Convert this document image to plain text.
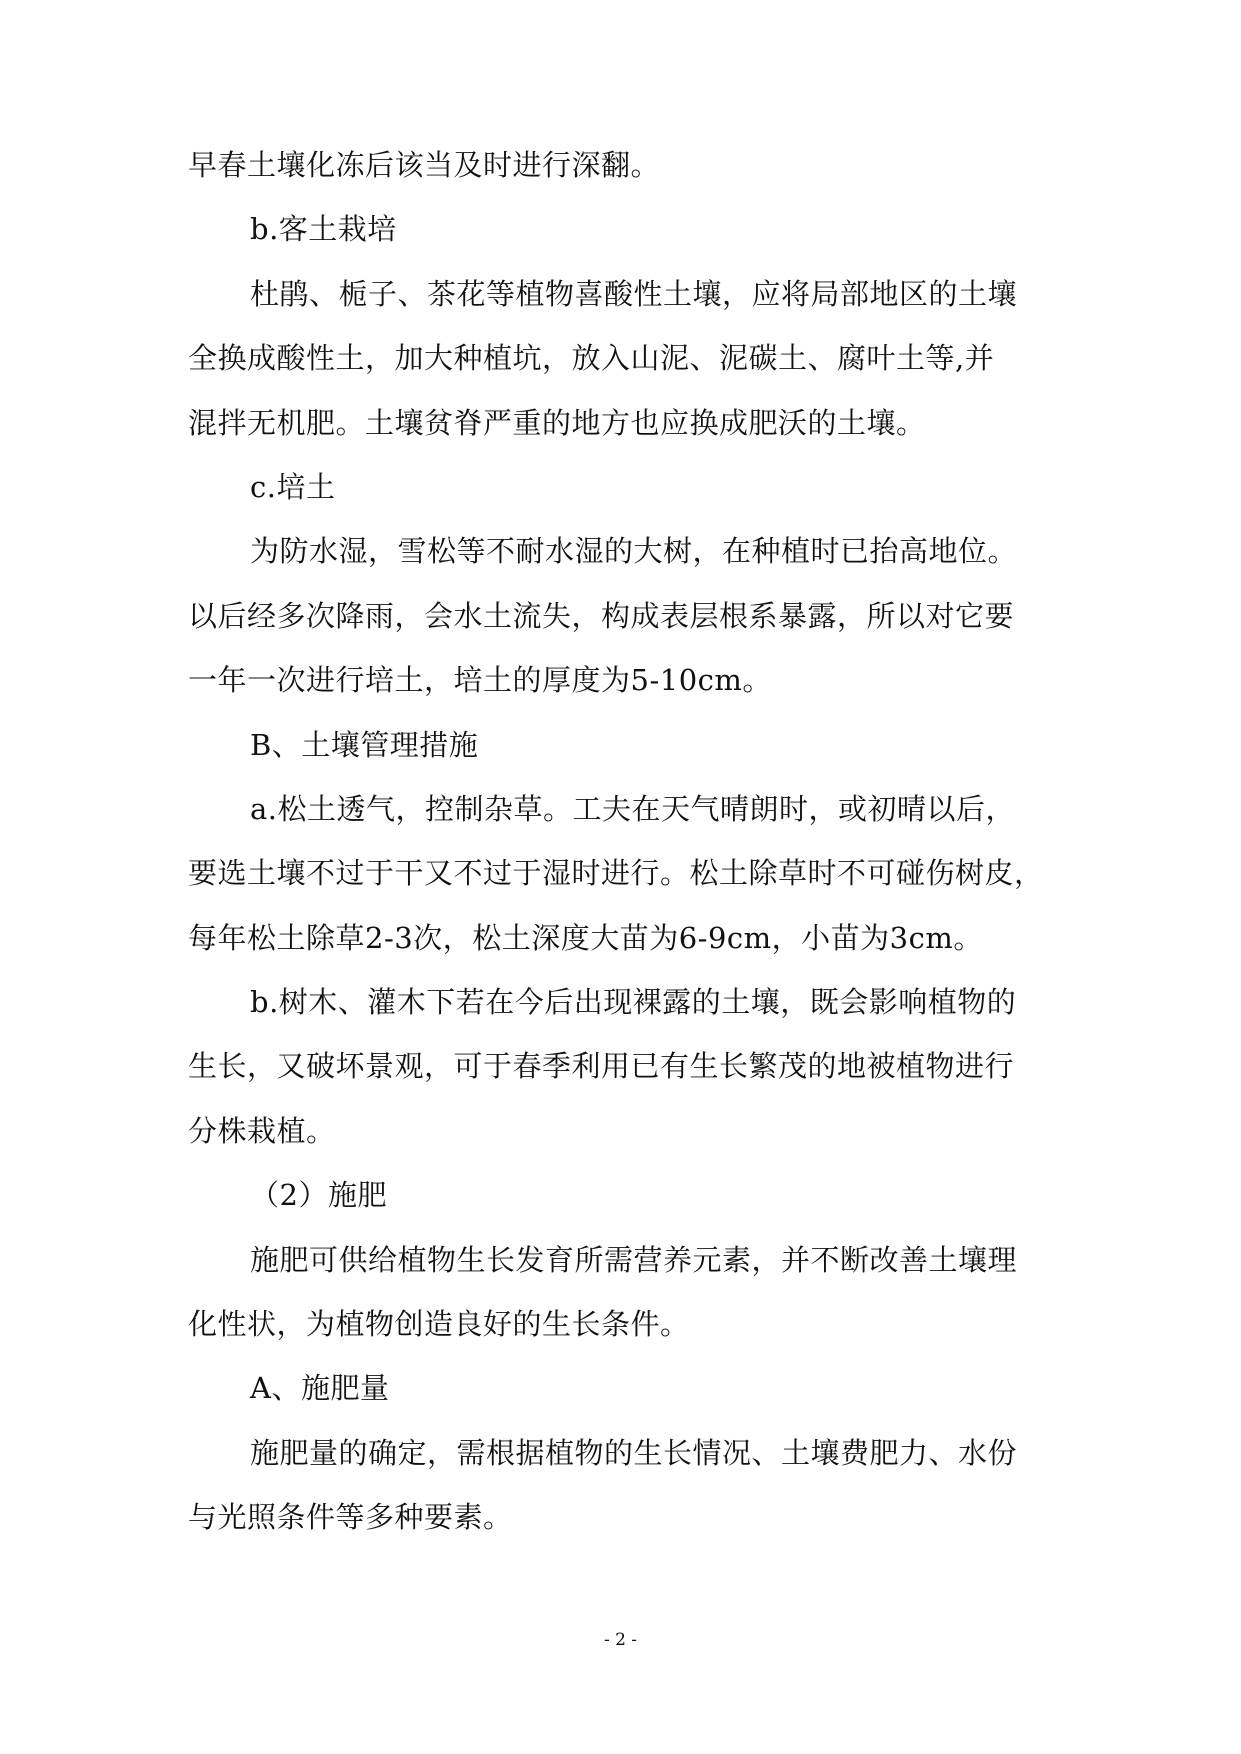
早春土壤化冻后该当及时进行深翻。
b.客土栽培
杜鹃、栀子、茶花等植物喜酸性土壤，应将局部地区的土壤
全换成酸性土，加大种植坑，放入山泥、泥碳土、腐叶土等,并
混拌无机肥。土壤贫脊严重的地方也应换成肥沃的土壤。
c.培土
为防水湿，雪松等不耐水湿的大树，在种植时已抬高地位。
以后经多次降雨，会水土流失，构成表层根系暴露，所以对它要
一年一次进行培土，培土的厚度为5-10cm。
B、土壤管理措施
a.松土透气，控制杂草。工夫在天气晴朗时，或初晴以后，
要选土壤不过于干又不过于湿时进行。松土除草时不可碰伤树皮，
每年松土除草2-3次，松土深度大苗为6-9cm，小苗为3cm。
b.树木、灌木下若在今后出现裸露的土壤，既会影响植物的
生长，又破坏景观，可于春季利用已有生长繁茂的地被植物进行
分株栽植。
（2）施肥
施肥可供给植物生长发育所需营养元素，并不断改善土壤理
化性状，为植物创造良好的生长条件。
A、施肥量
施肥量的确定，需根据植物的生长情况、土壤费肥力、水份
与光照条件等多种要素。
- 2 -
